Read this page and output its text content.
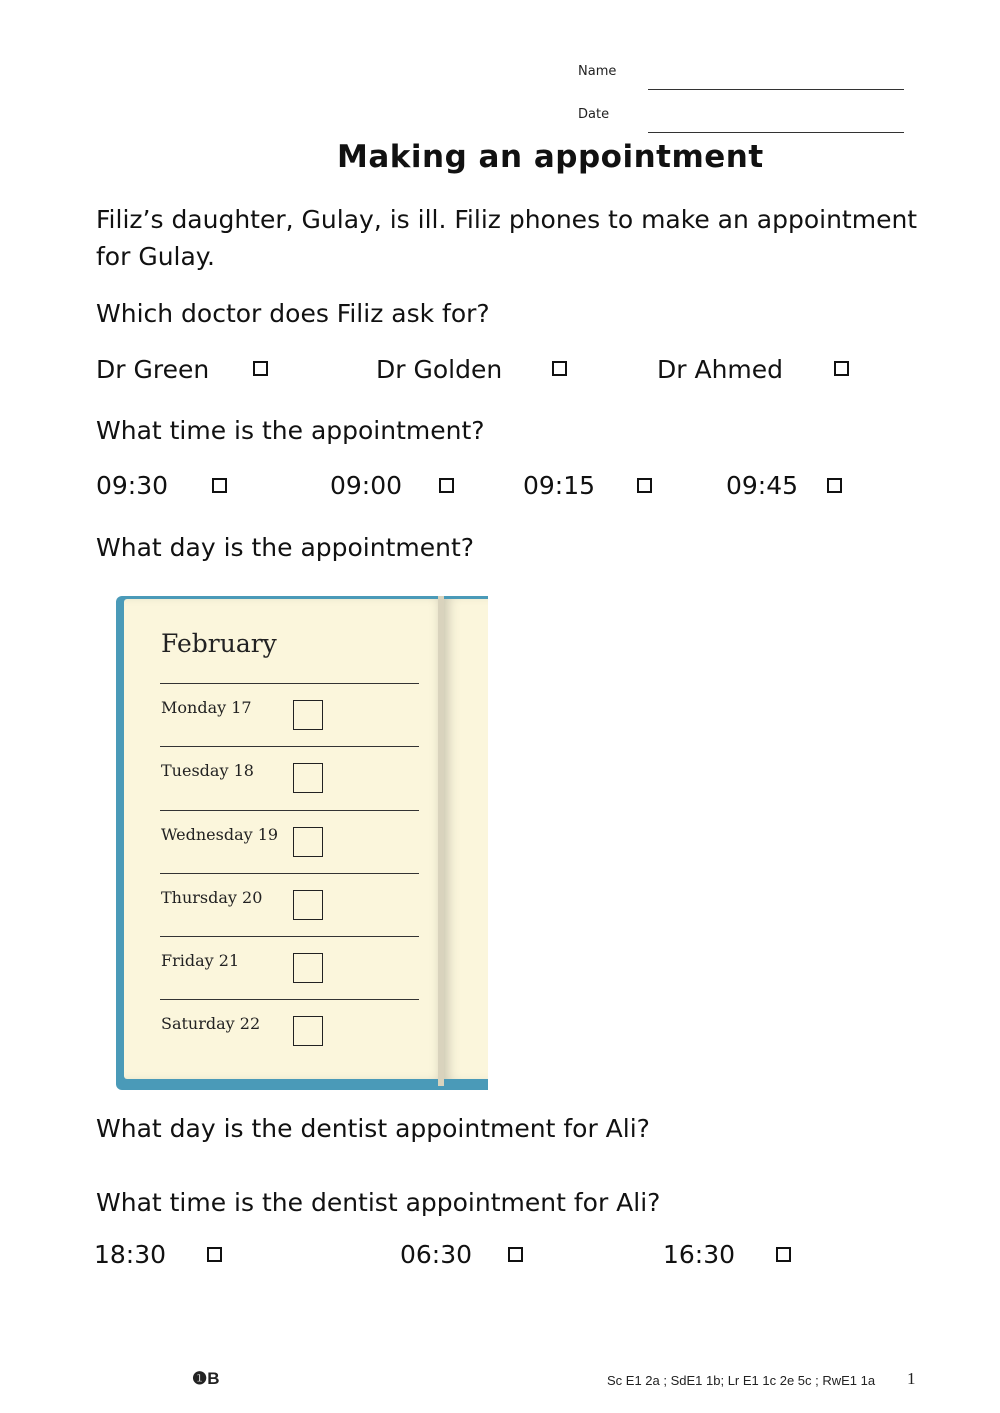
Name
Date
Making an appointment
Filiz’s daughter, Gulay, is ill. Filiz phones to make an appointment
for Gulay.
Which doctor does Filiz ask for?
Dr Green	Dr Golden	Dr Ahmed
What time is the appointment?
09:30	09:00	09:15	09:45
What day is the appointment?
February
Monday 17
Tuesday 18
Wednesday 19
Thursday 20
Friday 21
Saturday 22
What day is the dentist appointment for Ali?
What time is the dentist appointment for Ali?
18:30	06:30	16:30
❶B	Sc E1 2a ; SdE1 1b; Lr E1 1c 2e 5c ; RwE1 1a 1
